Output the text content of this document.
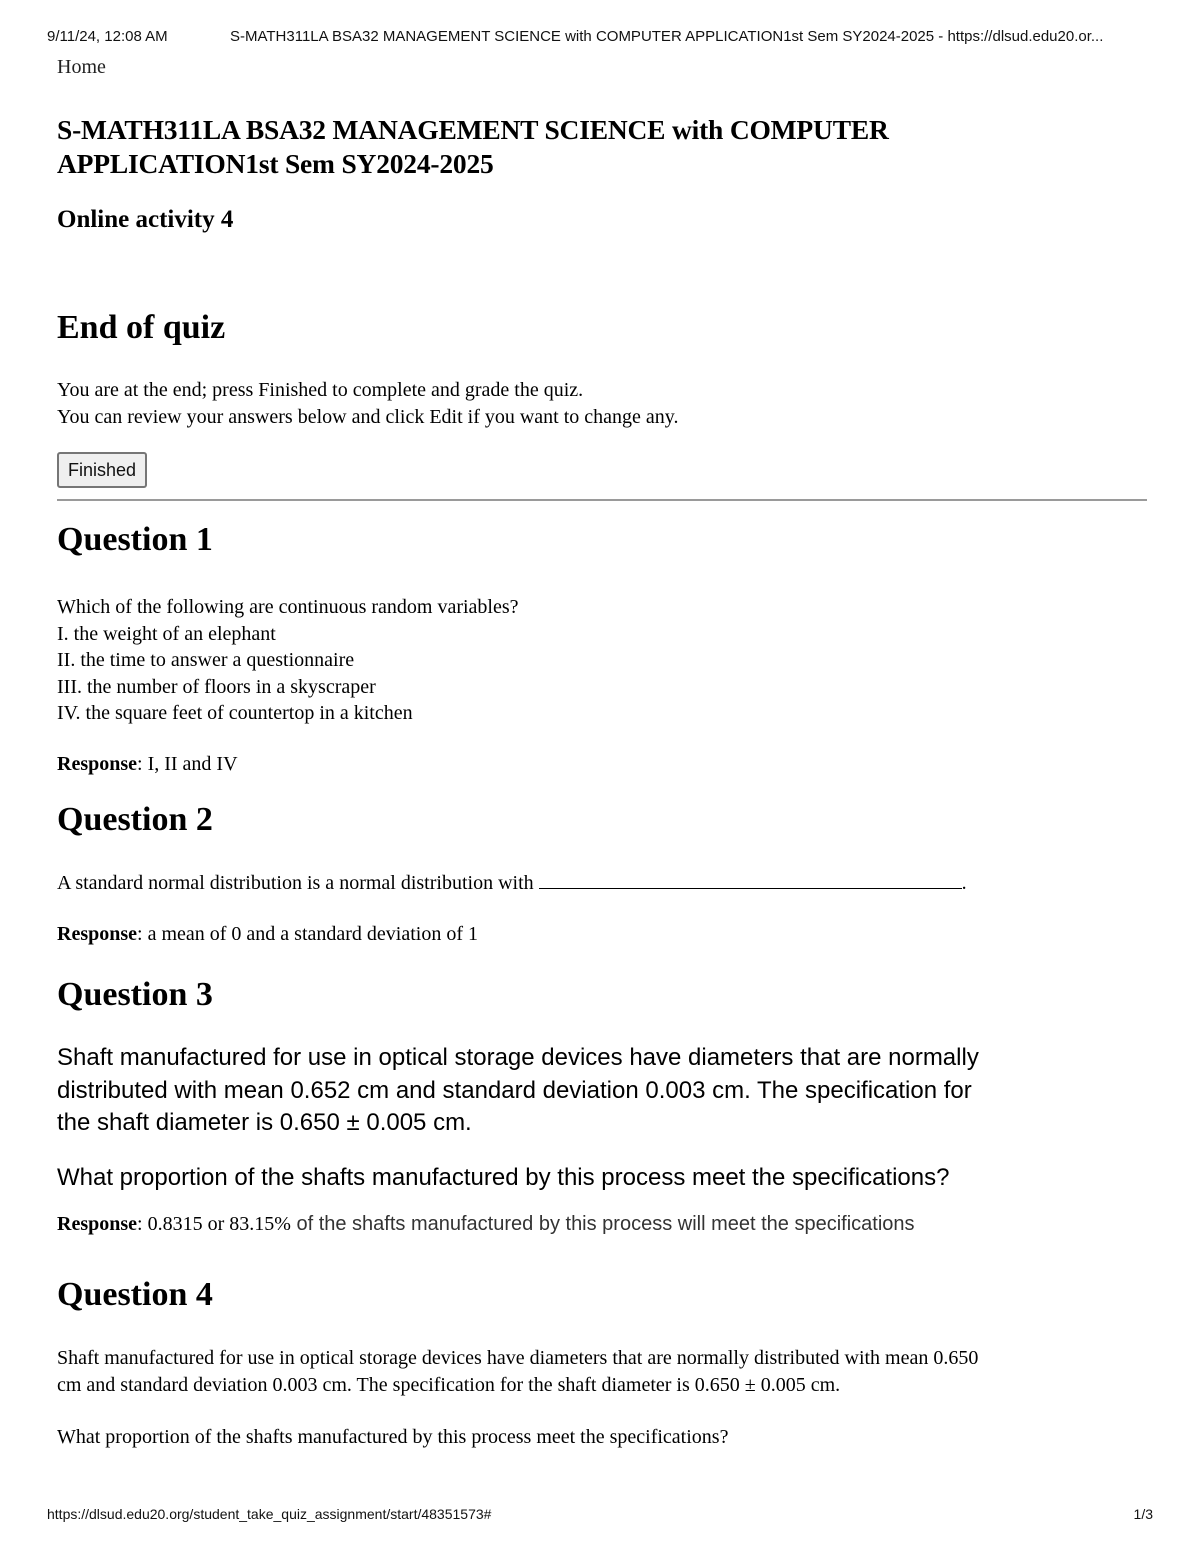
9/11/24, 12:08 AM	S-MATH311LA BSA32 MANAGEMENT SCIENCE with COMPUTER APPLICATION1st Sem SY2024-2025 - https://dlsud.edu20.or...
Home
S-MATH311LA BSA32 MANAGEMENT SCIENCE with COMPUTER
APPLICATION1st Sem SY2024-2025
Online activity 4
End of quiz
You are at the end; press Finished to complete and grade the quiz.
You can review your answers below and click Edit if you want to change any.
Finished
Question 1
Which of the following are continuous random variables?
I. the weight of an elephant
II. the time to answer a questionnaire
III. the number of floors in a skyscraper
IV. the square feet of countertop in a kitchen
Response: I, II and IV
Question 2
A standard normal distribution is a normal distribution with	.
Response: a mean of 0 and a standard deviation of 1
Question 3
Shaft manufactured for use in optical storage devices have diameters that are normally
distributed with mean 0.652 cm and standard deviation 0.003 cm. The specification for
the shaft diameter is 0.650 ± 0.005 cm.
What proportion of the shafts manufactured by this process meet the specifications?
Response: 0.8315 or 83.15% of the shafts manufactured by this process will meet the specifications
Question 4
Shaft manufactured for use in optical storage devices have diameters that are normally distributed with mean 0.650
cm and standard deviation 0.003 cm. The specification for the shaft diameter is 0.650 ± 0.005 cm.
What proportion of the shafts manufactured by this process meet the specifications?
https://dlsud.edu20.org/student_take_quiz_assignment/start/48351573#	1/3
